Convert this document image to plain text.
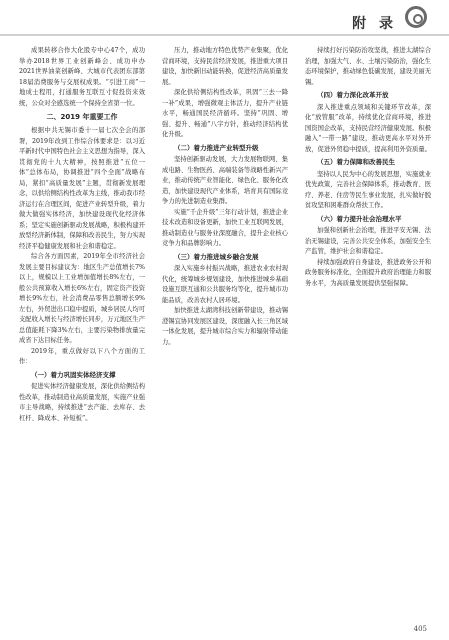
附 录

成果转移合作大化股专中心47个，成功举办2018世界工业创新峰会、成功申办2021世界油菜创新峰、大城市代表团东部第18届消费服务与交展权成果。“引进工商”一地成士程用，打通服务互联互寸促投资来效统，公众对全感选统一个保持全省第一位。

二、2019 年重要工作

根据中共无锡市委十一届七次全会的部署，2019年改到工作综合体要求是：以习近平新时代中国特色社会主义思想为指导，深入贯彻党的十九大精神，按照推进“五位一体”总体布局，协调推进“四个全面”战略布局，紧扣“高质量发展”主题，贯彻新发展理念，以供给侧结构性改革为主线，推动我市经济运行在合理区间，促进产业转型升级，着力做大做强实体经济，加快建设现代化经济体系；坚定实施创新驱动发展战略，积极构建开放型经济新体制，保障和改善民生，努力实现经济平稳健康发展和社会和谐稳定。

综合各方面因素，2019年全市经济社会发展主要目标建议为：地区生产总值增长7%以上，规模以上工业增加值增长8%左右，一般公共预算收入增长6%左右，固定资产投资增长9%左右，社会消费品零售总额增长9%左右，外贸进出口稳中提质，城乡居民人均可支配收入增长与经济增长同步，万元地区生产总值能耗下降3%左右，主要污染物排放量完成省下达目标任务。

2019年，重点做好以下八个方面的工作：

（一）着力巩固实体经济支撑

促进实体经济健康发展，深化供给侧结构性改革，推动制造业高质量发展，实施产业强市主导战略，持续推进“去产能、去库存、去杠杆、降成本、补短板”。

压力，推动地方特色优势产业集聚，优化营商环境，支持民营经济发展，推进重大项目建设，加快新旧动能转换，促进经济高质量发展。

深化供给侧结构性改革，巩固“三去一降一补”成果，增强微观主体活力，提升产业链水平，畅通国民经济循环。坚持“巩固、增强、提升、畅通”八字方针，推动经济结构优化升级。

（二）着力推进产业转型升级

坚持创新驱动发展，大力发展物联网、集成电路、生物医药、高端装备等战略性新兴产业，推动传统产业智能化、绿色化、服务化改造，加快建设现代产业体系，培育具有国际竞争力的先进制造业集群。

实施“千企升级”三年行动计划，推进企业技术改造和设备更新，加快工业互联网发展，推动制造业与服务业深度融合，提升企业核心竞争力和品牌影响力。

（三）着力推进城乡融合发展

深入实施乡村振兴战略，推进农业农村现代化，统筹城乡规划建设，加快推进城乡基础设施互联互通和公共服务均等化，提升城市功能品质，改善农村人居环境。

加快推进太湖湾科技创新带建设，推动锡澄锡宜协同发展区建设，深度融入长三角区域一体化发展，提升城市综合实力和辐射带动能力。

持续打好污染防治攻坚战，推进太湖综合治理，加强大气、水、土壤污染防治，强化生态环境保护，推动绿色低碳发展，建设美丽无锡。

（四）着力深化改革开放

深入推进重点领域和关键环节改革，深化“放管服”改革，持续优化营商环境，推进国资国企改革，支持民营经济健康发展。积极融入“一带一路”建设，推动更高水平对外开放，促进外贸稳中提质，提高利用外资质量。

（五）着力保障和改善民生

坚持以人民为中心的发展思想，实施就业优先政策，完善社会保障体系，推动教育、医疗、养老、住房等民生事业发展，扎实做好脱贫攻坚和困难群众帮扶工作。

（六）着力提升社会治理水平

加强和创新社会治理，推进平安无锡、法治无锡建设，完善公共安全体系，加强安全生产监管，维护社会和谐稳定。

持续加强政府自身建设，推进政务公开和政务服务标准化，全面提升政府治理能力和服务水平，为高质量发展提供坚强保障。

405
